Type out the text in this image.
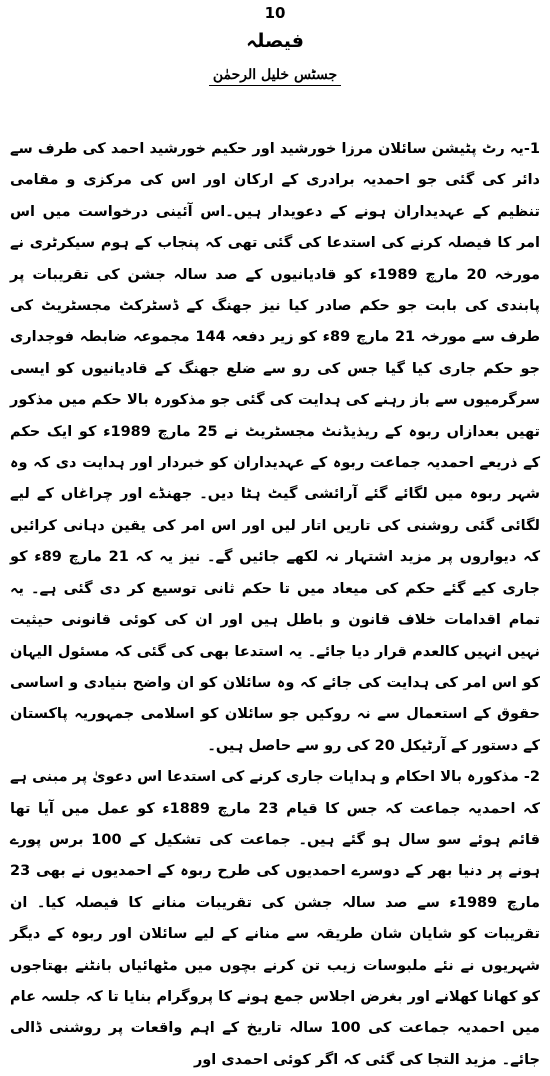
10
فیصلہ
جسٹس خلیل الرحمٰن

1-یہ رٹ پٹیشن سائلان مرزا خورشید اور حکیم خورشید احمد کی طرف سے دائر کی گئی جو احمدیہ برادری کے ارکان اور اس کی مرکزی و مقامی تنظیم کے عہدیداران ہونے کے دعویدار ہیں۔اس آئینی درخواست میں اس امر کا فیصلہ کرنے کی استدعا کی گئی تھی کہ پنجاب کے ہوم سیکرٹری نے مورخہ 20 مارچ 1989ء کو قادیانیوں کے صد سالہ جشن کی تقریبات پر پابندی کی بابت جو حکم صادر کیا نیز جھنگ کے ڈسٹرکٹ مجسٹریٹ کی طرف سے مورخہ 21 مارچ 89ء کو زیر دفعہ 144 مجموعہ ضابطہ فوجداری جو حکم جاری کیا گیا جس کی رو سے ضلع جھنگ کے قادیانیوں کو ایسی سرگرمیوں سے باز رہنے کی ہدایت کی گئی جو مذکورہ بالا حکم میں مذکور تھیں بعدازاں ربوہ کے ریذیڈنٹ مجسٹریٹ نے 25 مارچ 1989ء کو ایک حکم کے ذریعے احمدیہ جماعت ربوہ کے عہدیداران کو خبردار اور ہدایت دی کہ وہ شہر ربوہ میں لگائے گئے آرائشی گیٹ ہٹا دیں۔ جھنڈے اور چراغاں کے لیے لگائی گئی روشنی کی تاریں اتار لیں اور اس امر کی یقین دہانی کرائیں کہ دیواروں پر مزید اشتہار نہ لکھے جائیں گے۔ نیز یہ کہ 21 مارچ 89ء کو جاری کیے گئے حکم کی میعاد میں تا حکم ثانی توسیع کر دی گئی ہے۔ یہ تمام اقدامات خلاف قانون و باطل ہیں اور ان کی کوئی قانونی حیثیت نہیں انہیں کالعدم قرار دیا جائے۔ یہ استدعا بھی کی گئی کہ مسئول الیہان کو اس امر کی ہدایت کی جائے کہ وہ سائلان کو ان واضح بنیادی و اساسی حقوق کے استعمال سے نہ روکیں جو سائلان کو اسلامی جمہوریہ پاکستان کے دستور کے آرٹیکل 20 کی رو سے حاصل ہیں۔

2- مذکورہ بالا احکام و ہدایات جاری کرنے کی استدعا اس دعویٰ پر مبنی ہے کہ احمدیہ جماعت کہ جس کا قیام 23 مارچ 1889ء کو عمل میں آیا تھا قائم ہوئے سو سال ہو گئے ہیں۔ جماعت کی تشکیل کے 100 برس پورے ہونے پر دنیا بھر کے دوسرے احمدیوں کی طرح ربوہ کے احمدیوں نے بھی 23 مارچ 1989ء سے صد سالہ جشن کی تقریبات منانے کا فیصلہ کیا۔ ان تقریبات کو شایان شان طریقہ سے منانے کے لیے سائلان اور ربوہ کے دیگر شہریوں نے نئے ملبوسات زیب تن کرنے بچوں میں مٹھائیاں بانٹنے بھتاجوں کو کھانا کھلانے اور بغرض اجلاس جمع ہونے کا پروگرام بنایا تا کہ جلسہ عام میں احمدیہ جماعت کی 100 سالہ تاریخ کے اہم واقعات پر روشنی ڈالی جائے۔ مزید التجا کی گئی کہ اگر کوئی احمدی اور
